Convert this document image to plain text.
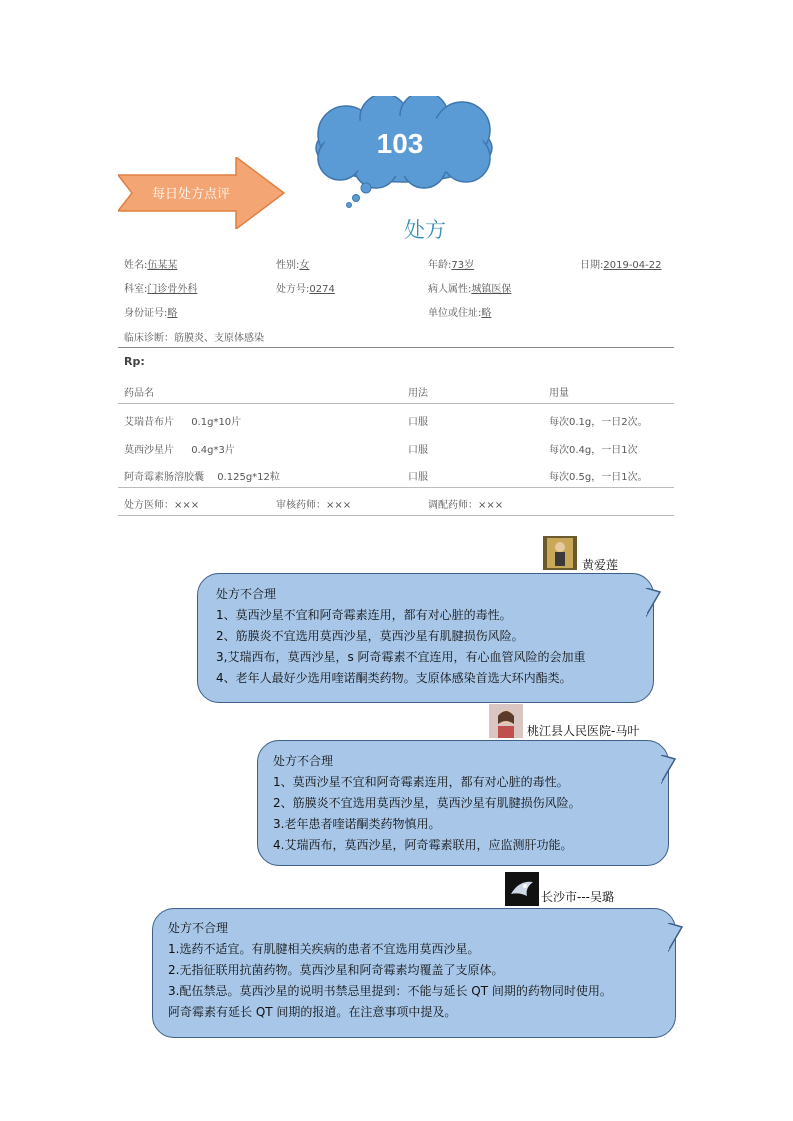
每日处方点评
103
处方
姓名:伍某某	性别:女	年龄:73岁	日期:2019-04-22
科室:门诊骨外科	处方号:0274	病人属性:城镇医保
身份证号:略	单位或住址:略
临床诊断：筋膜炎、支原体感染
Rp:
药品名	用法	用量
艾瑞昔布片 0.1g*10片	口服	每次0.1g，一日2次。
莫西沙星片 0.4g*3片	口服	每次0.4g，一日1次
阿奇霉素肠溶胶囊 0.125g*12粒	口服	每次0.5g，一日1次。
处方医师：×××	审核药师：×××	调配药师：×××
黄爱莲
处方不合理
1、莫西沙星不宜和阿奇霉素连用，都有对心脏的毒性。
2、筋膜炎不宜选用莫西沙星，莫西沙星有肌腱损伤风险。
3,艾瑞西布，莫西沙星，s 阿奇霉素不宜连用，有心血管风险的会加重
4、老年人最好少选用喹诺酮类药物。支原体感染首选大环内酯类。
桃江县人民医院-马叶
处方不合理
1、莫西沙星不宜和阿奇霉素连用，都有对心脏的毒性。
2、筋膜炎不宜选用莫西沙星，莫西沙星有肌腱损伤风险。
3.老年患者喹诺酮类药物慎用。
4.艾瑞西布，莫西沙星，阿奇霉素联用，应监测肝功能。
长沙市---吴璐
处方不合理
1.选药不适宜。有肌腱相关疾病的患者不宜选用莫西沙星。
2.无指征联用抗菌药物。莫西沙星和阿奇霉素均覆盖了支原体。
3.配伍禁忌。莫西沙星的说明书禁忌里提到：不能与延长 QT 间期的药物同时使用。
阿奇霉素有延长 QT 间期的报道。在注意事项中提及。
